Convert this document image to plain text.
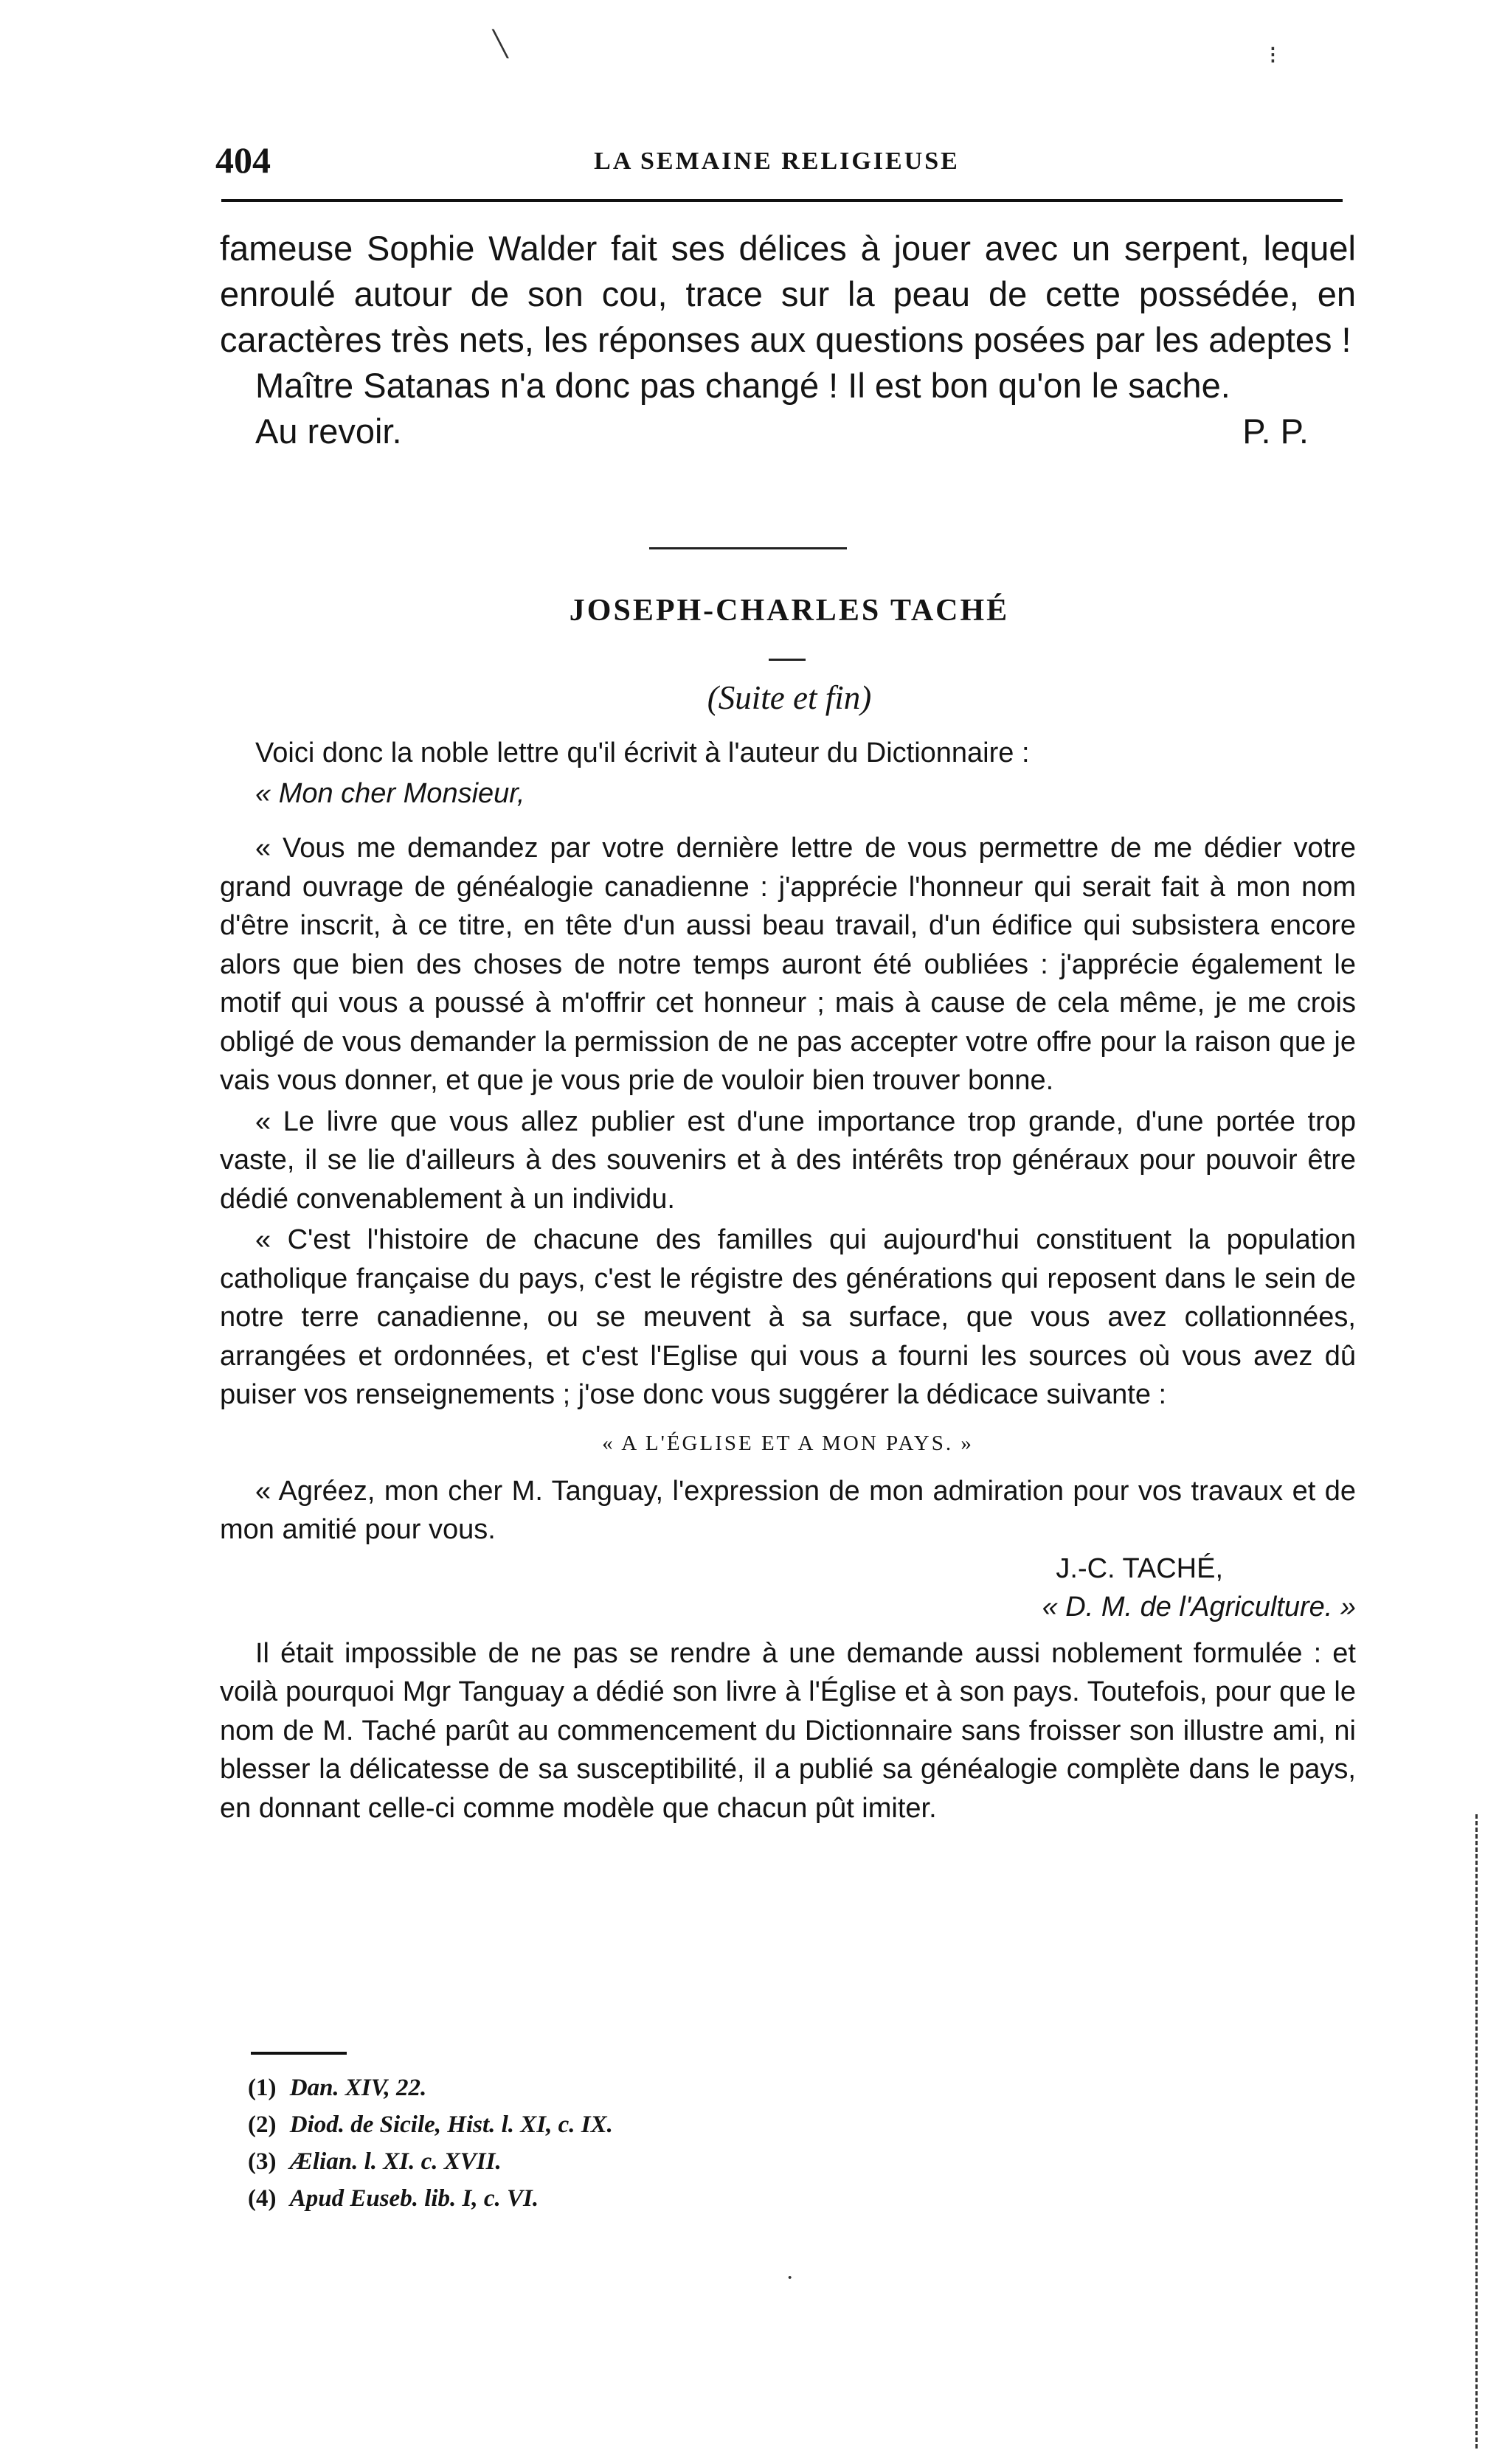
404	LA SEMAINE RELIGIEUSE

fameuse Sophie Walder fait ses délices à jouer avec un serpent, lequel enroulé autour de son cou, trace sur la peau de cette possédée, en caractères très nets, les réponses aux questions posées par les adeptes !

Maître Satanas n'a donc pas changé ! Il est bon qu'on le sache.

Au revoir.	P. P.
JOSEPH-CHARLES TACHÉ
(Suite et fin)

Voici donc la noble lettre qu'il écrivit à l'auteur du Dictionnaire :

« Mon cher Monsieur,

« Vous me demandez par votre dernière lettre de vous permettre de me dédier votre grand ouvrage de généalogie canadienne : j'apprécie l'honneur qui serait fait à mon nom d'être inscrit, à ce titre, en tête d'un aussi beau travail, d'un édifice qui subsistera encore alors que bien des choses de notre temps auront été oubliées : j'apprécie également le motif qui vous a poussé à m'offrir cet honneur ; mais à cause de cela même, je me crois obligé de vous demander la permission de ne pas accepter votre offre pour la raison que je vais vous donner, et que je vous prie de vouloir bien trouver bonne.

« Le livre que vous allez publier est d'une importance trop grande, d'une portée trop vaste, il se lie d'ailleurs à des souvenirs et à des intérêts trop généraux pour pouvoir être dédié convenablement à un individu.

« C'est l'histoire de chacune des familles qui aujourd'hui constituent la population catholique française du pays, c'est le régistre des générations qui reposent dans le sein de notre terre canadienne, ou se meuvent à sa surface, que vous avez collationnées, arrangées et ordonnées, et c'est l'Eglise qui vous a fourni les sources où vous avez dû puiser vos renseignements ; j'ose donc vous suggérer la dédicace suivante :

« A L'ÉGLISE ET A MON PAYS. »

« Agréez, mon cher M. Tanguay, l'expression de mon admiration pour vos travaux et de mon amitié pour vous.

J.-C. TACHÉ,

« D. M. de l'Agriculture. »

Il était impossible de ne pas se rendre à une demande aussi noblement formulée : et voilà pourquoi Mgr Tanguay a dédié son livre à l'Église et à son pays. Toutefois, pour que le nom de M. Taché parût au commencement du Dictionnaire sans froisser son illustre ami, ni blesser la délicatesse de sa susceptibilité, il a publié sa généalogie complète dans le pays, en donnant celle-ci comme modèle que chacun pût imiter.

(1) Dan. XIV, 22.

(2) Diod. de Sicile, Hist. l. XI, c. IX.

(3) Ælian. l. XI. c. XVII.

(4) Apud Euseb. lib. I, c. VI.

╲	⁝
·
